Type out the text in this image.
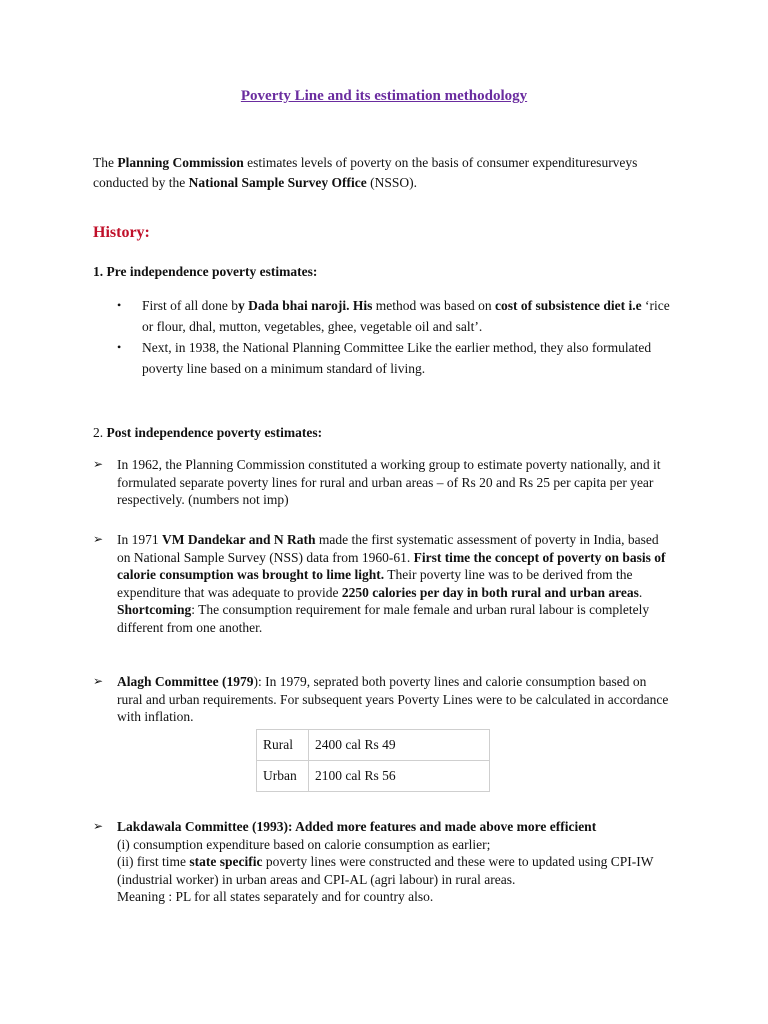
Poverty Line and its estimation methodology
The Planning Commission estimates levels of poverty on the basis of consumer expendituresurveys conducted by the National Sample Survey Office (NSSO).
History:
1. Pre independence poverty estimates:
• First of all done by Dada bhai naroji. His method was based on cost of subsistence diet i.e ‘rice or flour, dhal, mutton, vegetables, ghee, vegetable oil and salt’.
• Next, in 1938, the National Planning Committee Like the earlier method, they also formulated poverty line based on a minimum standard of living.
2. Post independence poverty estimates:
➢ In 1962, the Planning Commission constituted a working group to estimate poverty nationally, and it formulated separate poverty lines for rural and urban areas – of Rs 20 and Rs 25 per capita per year respectively. (numbers not imp)
➢ In 1971 VM Dandekar and N Rath made the first systematic assessment of poverty in India, based on National Sample Survey (NSS) data from 1960-61. First time the concept of poverty on basis of calorie consumption was brought to lime light. Their poverty line was to be derived from the expenditure that was adequate to provide 2250 calories per day in both rural and urban areas.
Shortcoming: The consumption requirement for male female and urban rural labour is completely different from one another.
➢ Alagh Committee (1979): In 1979, seprated both poverty lines and calorie consumption based on rural and urban requirements. For subsequent years Poverty Lines were to be calculated in accordance with inflation.
Rural	2400 cal Rs 49
Urban	2100 cal Rs 56
➢ Lakdawala Committee (1993): Added more features and made above more efficient
(i) consumption expenditure based on calorie consumption as earlier;
(ii) first time state specific poverty lines were constructed and these were to updated using CPI-IW (industrial worker) in urban areas and CPI-AL (agri labour) in rural areas.
Meaning : PL for all states separately and for country also.
